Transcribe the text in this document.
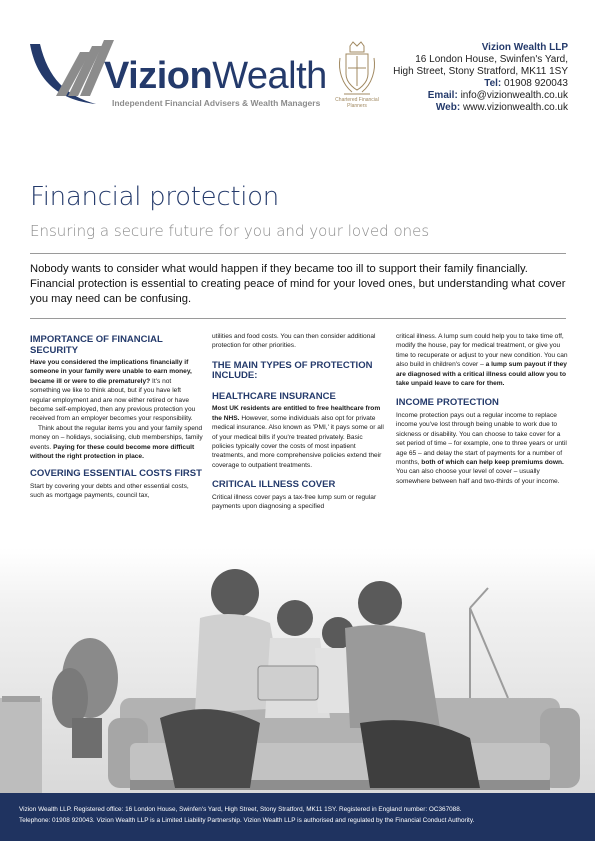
VizionWealth
Independent Financial Advisers & Wealth Managers	Chartered Financial Planners
Vizion Wealth LLP
16 London House, Swinfen's Yard,
High Street, Stony Stratford, MK11 1SY
Tel: 01908 920043
Email: info@vizionwealth.co.uk
Web: www.vizionwealth.co.uk
Financial protection
Ensuring a secure future for you and your loved ones
Nobody wants to consider what would happen if they became too ill to support their family financially. Financial protection is essential to creating peace of mind for your loved ones, but understanding what cover you may need can be confusing.
IMPORTANCE OF FINANCIAL SECURITY

Have you considered the implications financially if someone in your family were unable to earn money, became ill or were to die prematurely? It's not something we like to think about, but if you have left regular employment and are now either retired or have become self-employed, then any previous protection you received from an employer becomes your responsibility.

Think about the regular items you and your family spend money on – holidays, socialising, club memberships, family events. Paying for these could become more difficult without the right protection in place.

COVERING ESSENTIAL COSTS FIRST

Start by covering your debts and other essential costs, such as mortgage payments, council tax,

utilities and food costs. You can then consider additional protection for other priorities.

THE MAIN TYPES OF PROTECTION INCLUDE:
HEALTHCARE INSURANCE

Most UK residents are entitled to free healthcare from the NHS. However, some individuals also opt for private medical insurance. Also known as 'PMI,' it pays some or all of your medical bills if you're treated privately. Basic policies typically cover the costs of most inpatient treatments, and more comprehensive policies extend their coverage to outpatient treatments.

CRITICAL ILLNESS COVER

Critical illness cover pays a tax-free lump sum or regular payments upon diagnosing a specified

critical illness. A lump sum could help you to take time off, modify the house, pay for medical treatment, or give you time to recuperate or adjust to your new condition. You can also build in children's cover – a lump sum payout if they are diagnosed with a critical illness could allow you to take unpaid leave to care for them.

INCOME PROTECTION

Income protection pays out a regular income to replace income you've lost through being unable to work due to sickness or disability. You can choose to take cover for a set period of time – for example, one to three years or until age 65 – and delay the start of payments for a number of months, both of which can help keep premiums down. You can also choose your level of cover – usually somewhere between half and two-thirds of your income.

Vizion Wealth LLP. Registered office: 16 London House, Swinfen's Yard, High Street, Stony Stratford, MK11 1SY. Registered in England number: OC367088.
Telephone: 01908 920043. Vizion Wealth LLP is a Limited Liability Partnership. Vizion Wealth LLP is authorised and regulated by the Financial Conduct Authority.
